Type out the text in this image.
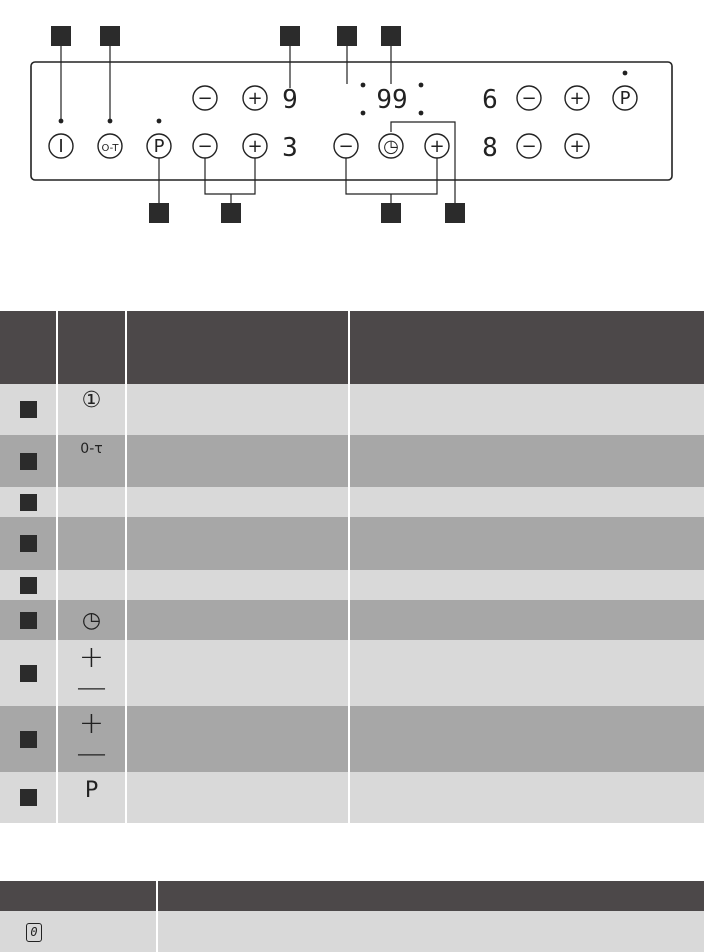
− + 9	99	6 − + P
I	O-T P − + 3 − ◷ + 8 − +

	①		

	0-τ		

	◷		

	+
—		

	+
—		

	P		

0	
